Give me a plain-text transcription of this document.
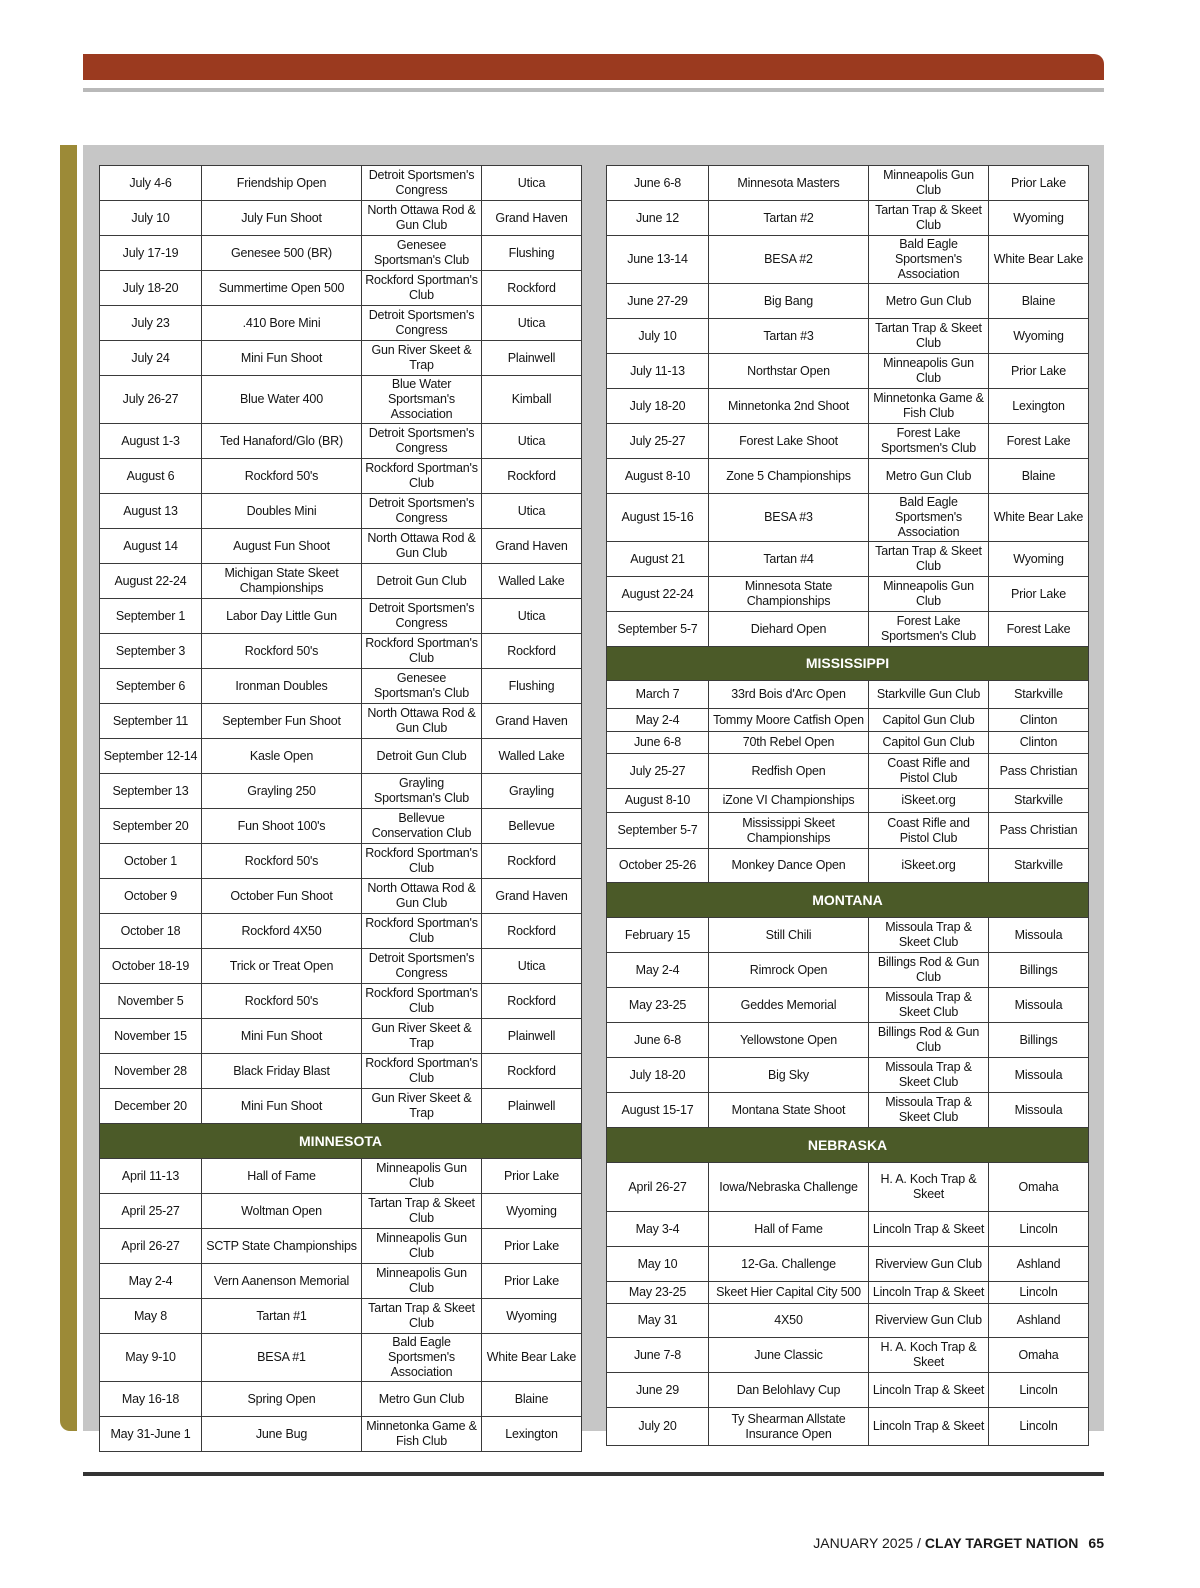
July 4-6	Friendship Open	Detroit Sportsmen's Congress	Utica
July 10	July Fun Shoot	North Ottawa Rod & Gun Club	Grand Haven
July 17-19	Genesee 500 (BR)	Genesee Sportsman's Club	Flushing
July 18-20	Summertime Open 500	Rockford Sportman's Club	Rockford
July 23	.410 Bore Mini	Detroit Sportsmen's Congress	Utica
July 24	Mini Fun Shoot	Gun River Skeet & Trap	Plainwell
July 26-27	Blue Water 400	Blue Water Sportsman's Association	Kimball
August 1-3	Ted Hanaford/Glo (BR)	Detroit Sportsmen's Congress	Utica
August 6	Rockford 50's	Rockford Sportman's Club	Rockford
August 13	Doubles Mini	Detroit Sportsmen's Congress	Utica
August 14	August Fun Shoot	North Ottawa Rod & Gun Club	Grand Haven
August 22-24	Michigan State Skeet Championships	Detroit Gun Club	Walled Lake
September 1	Labor Day Little Gun	Detroit Sportsmen's Congress	Utica
September 3	Rockford 50's	Rockford Sportman's Club	Rockford
September 6	Ironman Doubles	Genesee Sportsman's Club	Flushing
September 11	September Fun Shoot	North Ottawa Rod & Gun Club	Grand Haven
September 12-14	Kasle Open	Detroit Gun Club	Walled Lake
September 13	Grayling 250	Grayling Sportsman's Club	Grayling
September 20	Fun Shoot 100's	Bellevue Conservation Club	Bellevue
October 1	Rockford 50's	Rockford Sportman's Club	Rockford
October 9	October Fun Shoot	North Ottawa Rod & Gun Club	Grand Haven
October 18	Rockford 4X50	Rockford Sportman's Club	Rockford
October 18-19	Trick or Treat Open	Detroit Sportsmen's Congress	Utica
November 5	Rockford 50's	Rockford Sportman's Club	Rockford
November 15	Mini Fun Shoot	Gun River Skeet & Trap	Plainwell
November 28	Black Friday Blast	Rockford Sportman's Club	Rockford
December 20	Mini Fun Shoot	Gun River Skeet & Trap	Plainwell
MINNESOTA			
April 11-13	Hall of Fame	Minneapolis Gun Club	Prior Lake
April 25-27	Woltman Open	Tartan Trap & Skeet Club	Wyoming
April 26-27	SCTP State Championships	Minneapolis Gun Club	Prior Lake
May 2-4	Vern Aanenson Memorial	Minneapolis Gun Club	Prior Lake
May 8	Tartan #1	Tartan Trap & Skeet Club	Wyoming
May 9-10	BESA #1	Bald Eagle Sportsmen's Association	White Bear Lake
May 16-18	Spring Open	Metro Gun Club	Blaine
May 31-June 1	June Bug	Minnetonka Game & Fish Club	Lexington
June 6-8	Minnesota Masters	Minneapolis Gun Club	Prior Lake
June 12	Tartan #2	Tartan Trap & Skeet Club	Wyoming
June 13-14	BESA #2	Bald Eagle Sportsmen's Association	White Bear Lake
June 27-29	Big Bang	Metro Gun Club	Blaine
July 10	Tartan #3	Tartan Trap & Skeet Club	Wyoming
July 11-13	Northstar Open	Minneapolis Gun Club	Prior Lake
July 18-20	Minnetonka 2nd Shoot	Minnetonka Game & Fish Club	Lexington
July 25-27	Forest Lake Shoot	Forest Lake Sportsmen's Club	Forest Lake
August 8-10	Zone 5 Championships	Metro Gun Club	Blaine
August 15-16	BESA #3	Bald Eagle Sportsmen's Association	White Bear Lake
August 21	Tartan #4	Tartan Trap & Skeet Club	Wyoming
August 22-24	Minnesota State Championships	Minneapolis Gun Club	Prior Lake
September 5-7	Diehard Open	Forest Lake Sportsmen's Club	Forest Lake
MISSISSIPPI			
March 7	33rd Bois d'Arc Open	Starkville Gun Club	Starkville
May 2-4	Tommy Moore Catfish Open	Capitol Gun Club	Clinton
June 6-8	70th Rebel Open	Capitol Gun Club	Clinton
July 25-27	Redfish Open	Coast Rifle and Pistol Club	Pass Christian
August 8-10	iZone VI Championships	iSkeet.org	Starkville
September 5-7	Mississippi Skeet Championships	Coast Rifle and Pistol Club	Pass Christian
October 25-26	Monkey Dance Open	iSkeet.org	Starkville
MONTANA			
February 15	Still Chili	Missoula Trap & Skeet Club	Missoula
May 2-4	Rimrock Open	Billings Rod & Gun Club	Billings
May 23-25	Geddes Memorial	Missoula Trap & Skeet Club	Missoula
June 6-8	Yellowstone Open	Billings Rod & Gun Club	Billings
July 18-20	Big Sky	Missoula Trap & Skeet Club	Missoula
August 15-17	Montana State Shoot	Missoula Trap & Skeet Club	Missoula
NEBRASKA			
April 26-27	Iowa/Nebraska Challenge	H. A. Koch Trap & Skeet	Omaha
May 3-4	Hall of Fame	Lincoln Trap & Skeet	Lincoln
May 10	12-Ga. Challenge	Riverview Gun Club	Ashland
May 23-25	Skeet Hier Capital City 500	Lincoln Trap & Skeet	Lincoln
May 31	4X50	Riverview Gun Club	Ashland
June 7-8	June Classic	H. A. Koch Trap & Skeet	Omaha
June 29	Dan Belohlavy Cup	Lincoln Trap & Skeet	Lincoln
July 20	Ty Shearman Allstate Insurance Open	Lincoln Trap & Skeet	Lincoln
JANUARY 2025 / CLAY TARGET NATION 65
